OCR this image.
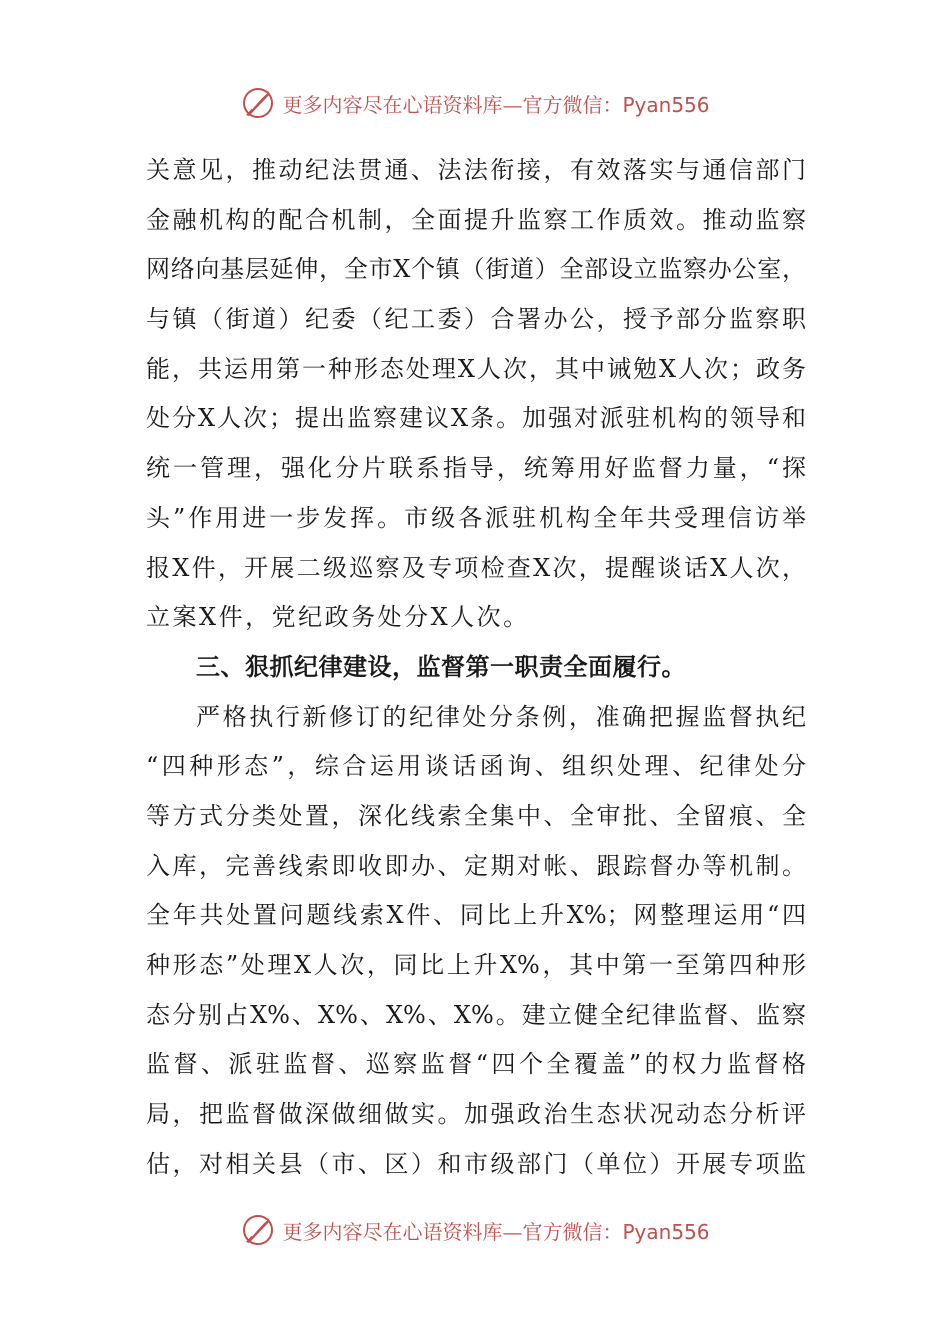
更多内容尽在心语资料库—官方微信：Pyan556
关意见，推动纪法贯通、法法衔接，有效落实与通信部门
金融机构的配合机制，全面提升监察工作质效。推动监察
网络向基层延伸，全市X个镇（街道）全部设立监察办公室，
与镇（街道）纪委（纪工委）合署办公，授予部分监察职
能，共运用第一种形态处理X人次，其中诫勉X人次；政务
处分X人次；提出监察建议X条。加强对派驻机构的领导和
统一管理，强化分片联系指导，统筹用好监督力量，“探
头”作用进一步发挥。市级各派驻机构全年共受理信访举
报X件，开展二级巡察及专项检查X次，提醒谈话X人次，
立案X件，党纪政务处分X人次。
三、狠抓纪律建设，监督第一职责全面履行。
严格执行新修订的纪律处分条例，准确把握监督执纪
“四种形态”，综合运用谈话函询、组织处理、纪律处分
等方式分类处置，深化线索全集中、全审批、全留痕、全
入库，完善线索即收即办、定期对帐、跟踪督办等机制。
全年共处置问题线索X件、同比上升X%；网整理运用“四
种形态”处理X人次，同比上升X%，其中第一至第四种形
态分别占X%、X%、X%、X%。建立健全纪律监督、监察
监督、派驻监督、巡察监督“四个全覆盖”的权力监督格
局，把监督做深做细做实。加强政治生态状况动态分析评
估，对相关县（市、区）和市级部门（单位）开展专项监
更多内容尽在心语资料库—官方微信：Pyan556
